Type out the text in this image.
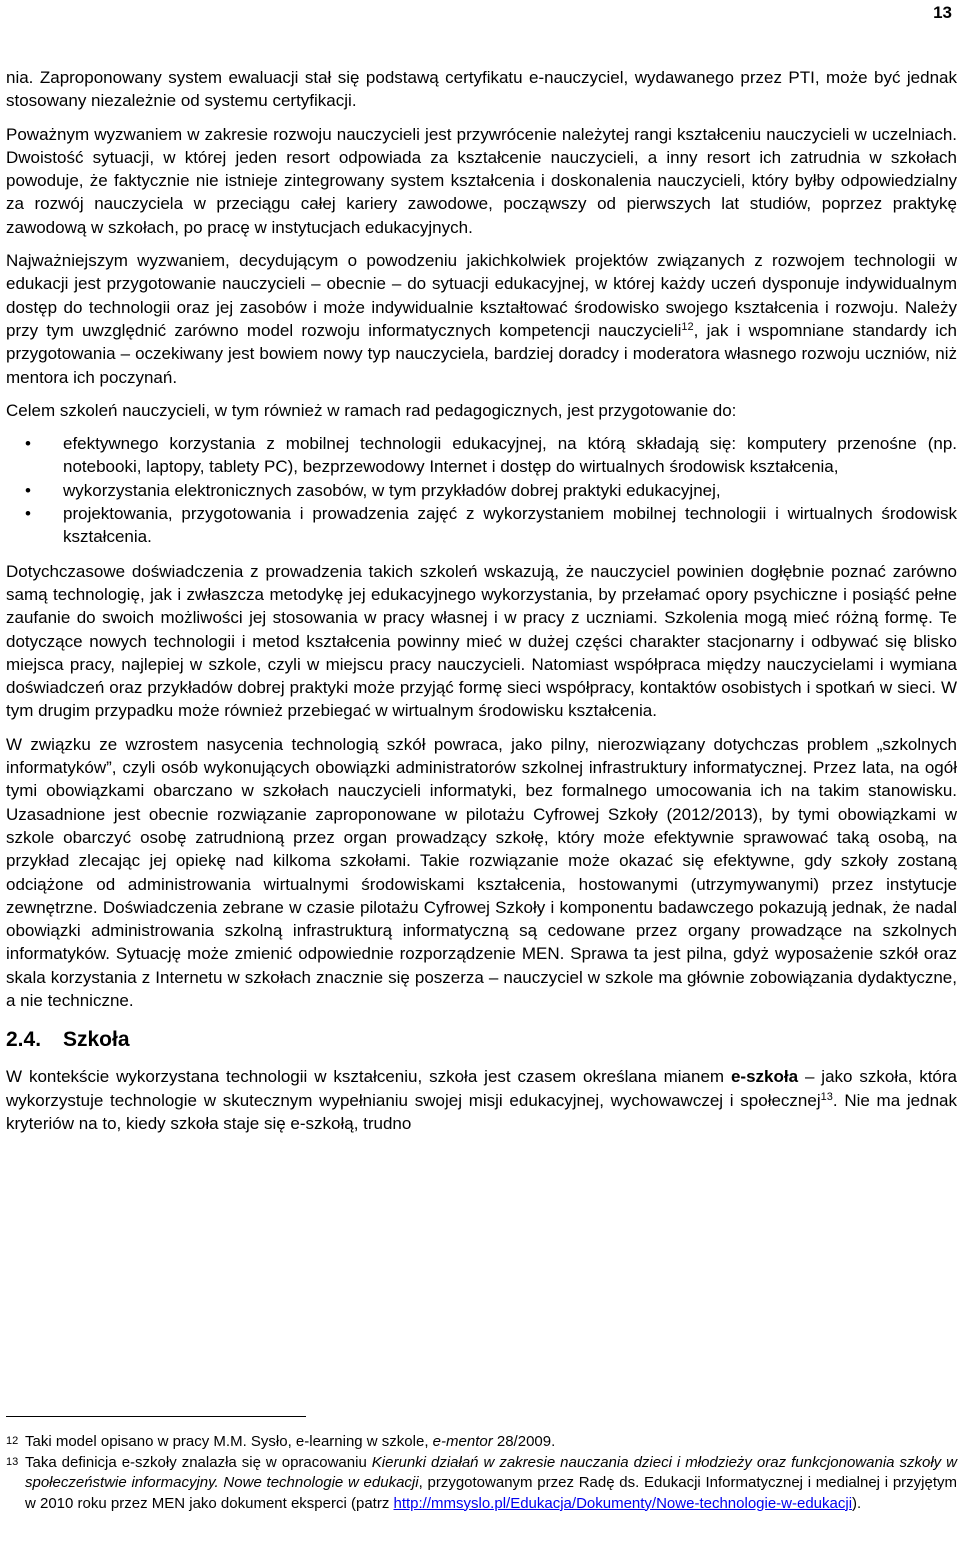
13

nia. Zaproponowany system ewaluacji stał się podstawą certyfikatu e-nauczyciel, wydawanego przez PTI, może być jednak stosowany niezależnie od systemu certyfikacji.

Poważnym wyzwaniem w zakresie rozwoju nauczycieli jest przywrócenie należytej rangi kształceniu nauczycieli w uczelniach. Dwoistość sytuacji, w której jeden resort odpowiada za kształcenie nauczycieli, a inny resort ich zatrudnia w szkołach powoduje, że faktycznie nie istnieje zintegrowany system kształcenia i doskonalenia nauczycieli, który byłby odpowiedzialny za rozwój nauczyciela w przeciągu całej kariery zawodowe, począwszy od pierwszych lat studiów, poprzez praktykę zawodową w szkołach, po pracę w instytucjach edukacyjnych.

Najważniejszym wyzwaniem, decydującym o powodzeniu jakichkolwiek projektów związanych z rozwojem technologii w edukacji jest przygotowanie nauczycieli – obecnie – do sytuacji edukacyjnej, w której każdy uczeń dysponuje indywidualnym dostęp do technologii oraz jej zasobów i może indywidualnie kształtować środowisko swojego kształcenia i rozwoju. Należy przy tym uwzględnić zarówno model rozwoju informatycznych kompetencji nauczycieli$^{12}$, jak i wspomniane standardy ich przygotowania – oczekiwany jest bowiem nowy typ nauczyciela, bardziej doradcy i moderatora własnego rozwoju uczniów, niż mentora ich poczynań.

Celem szkoleń nauczycieli, w tym również w ramach rad pedagogicznych, jest przygotowanie do:

• efektywnego korzystania z mobilnej technologii edukacyjnej, na którą składają się: komputery przenośne (np. notebooki, laptopy, tablety PC), bezprzewodowy Internet i dostęp do wirtualnych środowisk kształcenia,
• wykorzystania elektronicznych zasobów, w tym przykładów dobrej praktyki edukacyjnej,
• projektowania, przygotowania i prowadzenia zajęć z wykorzystaniem mobilnej technologii i wirtualnych środowisk kształcenia.

Dotychczasowe doświadczenia z prowadzenia takich szkoleń wskazują, że nauczyciel powinien dogłębnie poznać zarówno samą technologię, jak i zwłaszcza metodykę jej edukacyjnego wykorzystania, by przełamać opory psychiczne i posiąść pełne zaufanie do swoich możliwości jej stosowania w pracy własnej i w pracy z uczniami. Szkolenia mogą mieć różną formę. Te dotyczące nowych technologii i metod kształcenia powinny mieć w dużej części charakter stacjonarny i odbywać się blisko miejsca pracy, najlepiej w szkole, czyli w miejscu pracy nauczycieli. Natomiast współpraca między nauczycielami i wymiana doświadczeń oraz przykładów dobrej praktyki może przyjąć formę sieci współpracy, kontaktów osobistych i spotkań w sieci. W tym drugim przypadku może również przebiegać w wirtualnym środowisku kształcenia.

W związku ze wzrostem nasycenia technologią szkół powraca, jako pilny, nierozwiązany dotychczas problem „szkolnych informatyków”, czyli osób wykonujących obowiązki administratorów szkolnej infrastruktury informatycznej. Przez lata, na ogół tymi obowiązkami obarczano w szkołach nauczycieli informatyki, bez formalnego umocowania ich na takim stanowisku. Uzasadnione jest obecnie rozwiązanie zaproponowane w pilotażu Cyfrowej Szkoły (2012/2013), by tymi obowiązkami w szkole obarczyć osobę zatrudnioną przez organ prowadzący szkołę, który może efektywnie sprawować taką osobą, na przykład zlecając jej opiekę nad kilkoma szkołami. Takie rozwiązanie może okazać się efektywne, gdy szkoły zostaną odciążone od administrowania wirtualnymi środowiskami kształcenia, hostowanymi (utrzymywanymi) przez instytucje zewnętrzne. Doświadczenia zebrane w czasie pilotażu Cyfrowej Szkoły i komponentu badawczego pokazują jednak, że nadal obowiązki administrowania szkolną infrastrukturą informatyczną są cedowane przez organy prowadzące na szkolnych informatyków. Sytuację może zmienić odpowiednie rozporządzenie MEN. Sprawa ta jest pilna, gdyż wyposażenie szkół oraz skala korzystania z Internetu w szkołach znacznie się poszerza – nauczyciel w szkole ma głównie zobowiązania dydaktyczne, a nie techniczne.

2.4. Szkoła

W kontekście wykorzystana technologii w kształceniu, szkoła jest czasem określana mianem e-szkoła – jako szkoła, która wykorzystuje technologie w skutecznym wypełnianiu swojej misji edukacyjnej, wychowawczej i społecznej$^{13}$. Nie ma jednak kryteriów na to, kiedy szkoła staje się e-szkołą, trudno

12 Taki model opisano w pracy M.M. Sysło, e-learning w szkole, e-mentor 28/2009.

13 Taka definicja e-szkoły znalazła się w opracowaniu Kierunki działań w zakresie nauczania dzieci i młodzieży oraz funkcjonowania szkoły w społeczeństwie informacyjny. Nowe technologie w edukacji, przygotowanym przez Radę ds. Edukacji Informatycznej i medialnej i przyjętym w 2010 roku przez MEN jako dokument eksperci (patrz http://mmsyslo.pl/Edukacja/Dokumenty/Nowe-technologie-w-edukacji).
